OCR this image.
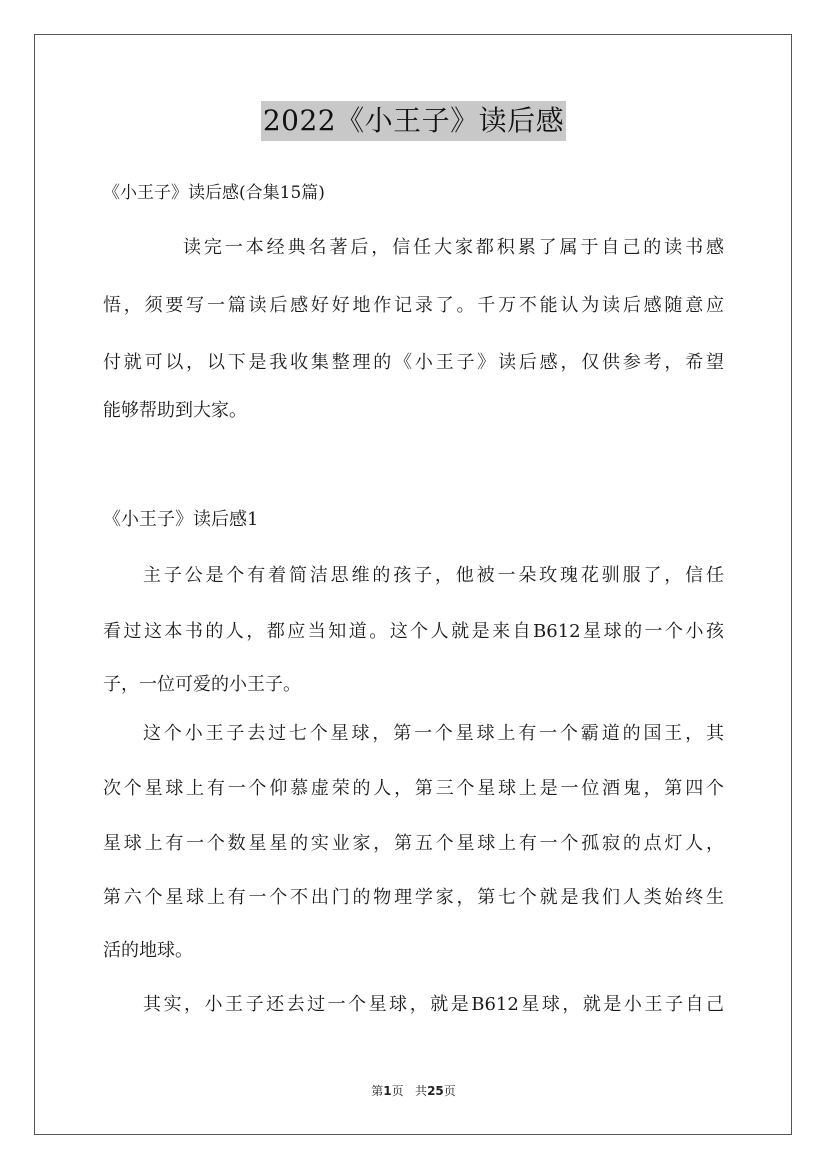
2022《小王子》读后感
《小王子》读后感(合集15篇)
读完一本经典名著后，信任大家都积累了属于自己的读书感
悟，须要写一篇读后感好好地作记录了。千万不能认为读后感随意应
付就可以，以下是我收集整理的《小王子》读后感，仅供参考，希望
能够帮助到大家。
《小王子》读后感1
主子公是个有着简洁思维的孩子，他被一朵玫瑰花驯服了，信任
看过这本书的人，都应当知道。这个人就是来自B612星球的一个小孩
子，一位可爱的小王子。
这个小王子去过七个星球，第一个星球上有一个霸道的国王，其
次个星球上有一个仰慕虚荣的人，第三个星球上是一位酒鬼，第四个
星球上有一个数星星的实业家，第五个星球上有一个孤寂的点灯人，
第六个星球上有一个不出门的物理学家，第七个就是我们人类始终生
活的地球。
其实，小王子还去过一个星球，就是B612星球，就是小王子自己
第1页 共25页
